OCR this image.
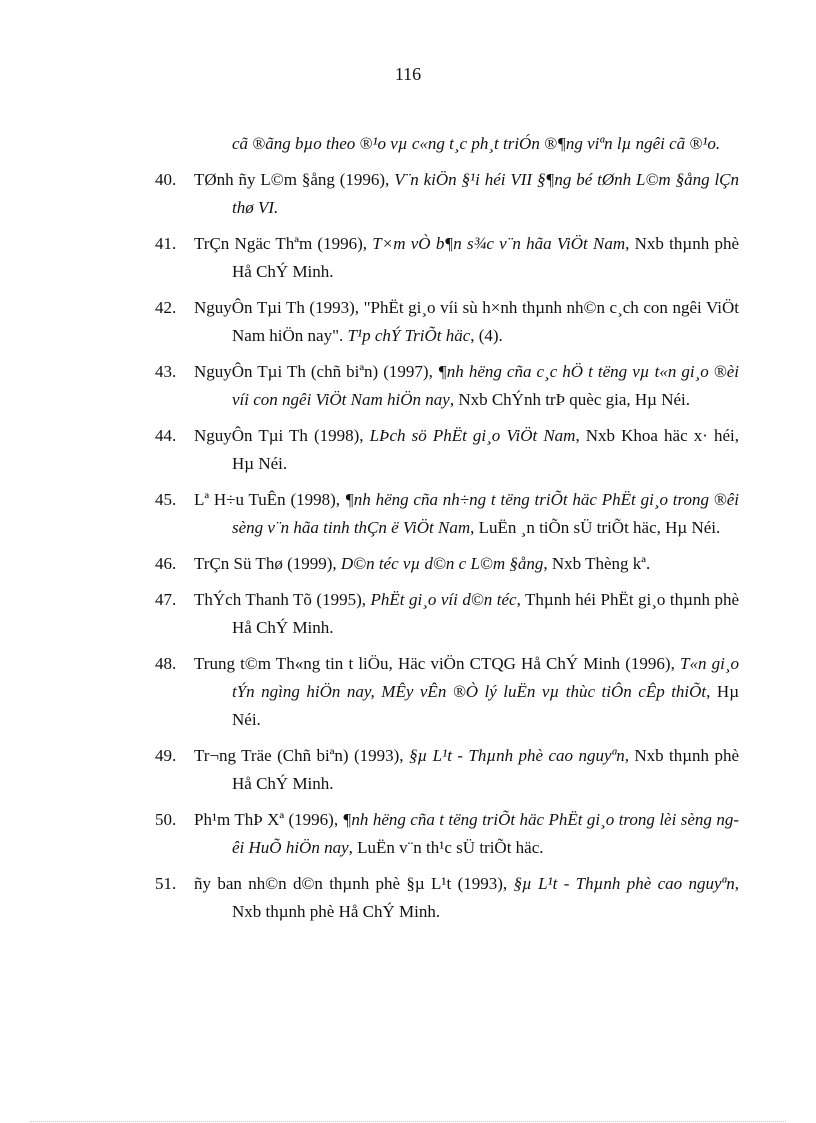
116

cã ®ãng bµo theo ®¹o vµ c«ng t¸c ph¸t triÓn ®¶ng viªn lµ ngêi cã ®¹o.

40. TØnh ñy L©m §ång (1996), V¨n kiÖn §¹i héi VII §¶ng bé tØnh L©m §ång lÇn thø VI.

41. TrÇn Ngäc Thªm (1996), T×m vÒ b¶n s¾c v¨n hãa ViÖt Nam, Nxb thµnh phè Hå ChÝ Minh.

42. NguyÔn Tµi Th (1993), "PhËt gi¸o víi sù h×nh thµnh nh©n c¸ch con ngêi ViÖt Nam hiÖn nay". T¹p chÝ TriÕt häc, (4).

43. NguyÔn Tµi Th (chñ biªn) (1997), ¶nh hëng cña c¸c hÖ t tëng vµ t«n gi¸o ®èi víi con ngêi ViÖt Nam hiÖn nay, Nxb ChÝnh trÞ quèc gia, Hµ Néi.

44. NguyÔn Tµi Th (1998), LÞch sö PhËt gi¸o ViÖt Nam, Nxb Khoa häc x· héi, Hµ Néi.

45. Lª H÷u TuÊn (1998), ¶nh hëng cña nh÷ng t tëng triÕt häc PhËt gi¸o trong ®êi sèng v¨n hãa tinh thÇn ë ViÖt Nam, LuËn ¸n tiÕn sÜ triÕt häc, Hµ Néi.

46. TrÇn Sü Thø (1999), D©n téc vµ d©n c L©m §ång, Nxb Thèng kª.

47. ThÝch Thanh Tõ (1995), PhËt gi¸o víi d©n téc, Thµnh héi PhËt gi¸o thµnh phè Hå ChÝ Minh.

48. Trung t©m Th«ng tin t liÖu, Häc viÖn CTQG Hå ChÝ Minh (1996), T«n gi¸o tÝn ngìng hiÖn nay, MÊy vÊn ®Ò lý luËn vµ thùc tiÔn cÊp thiÕt, Hµ Néi.

49. Tr¬ng Träe (Chñ biªn) (1993), §µ L¹t - Thµnh phè cao nguyªn, Nxb thµnh phè Hå ChÝ Minh.

50. Ph¹m ThÞ Xª (1996), ¶nh hëng cña t tëng triÕt häc PhËt gi¸o trong lèi sèng ngêi HuÕ hiÖn nay, LuËn v¨n th¹c sÜ triÕt häc.

51. ñy ban nh©n d©n thµnh phè §µ L¹t (1993), §µ L¹t - Thµnh phè cao nguyªn, Nxb thµnh phè Hå ChÝ Minh.
